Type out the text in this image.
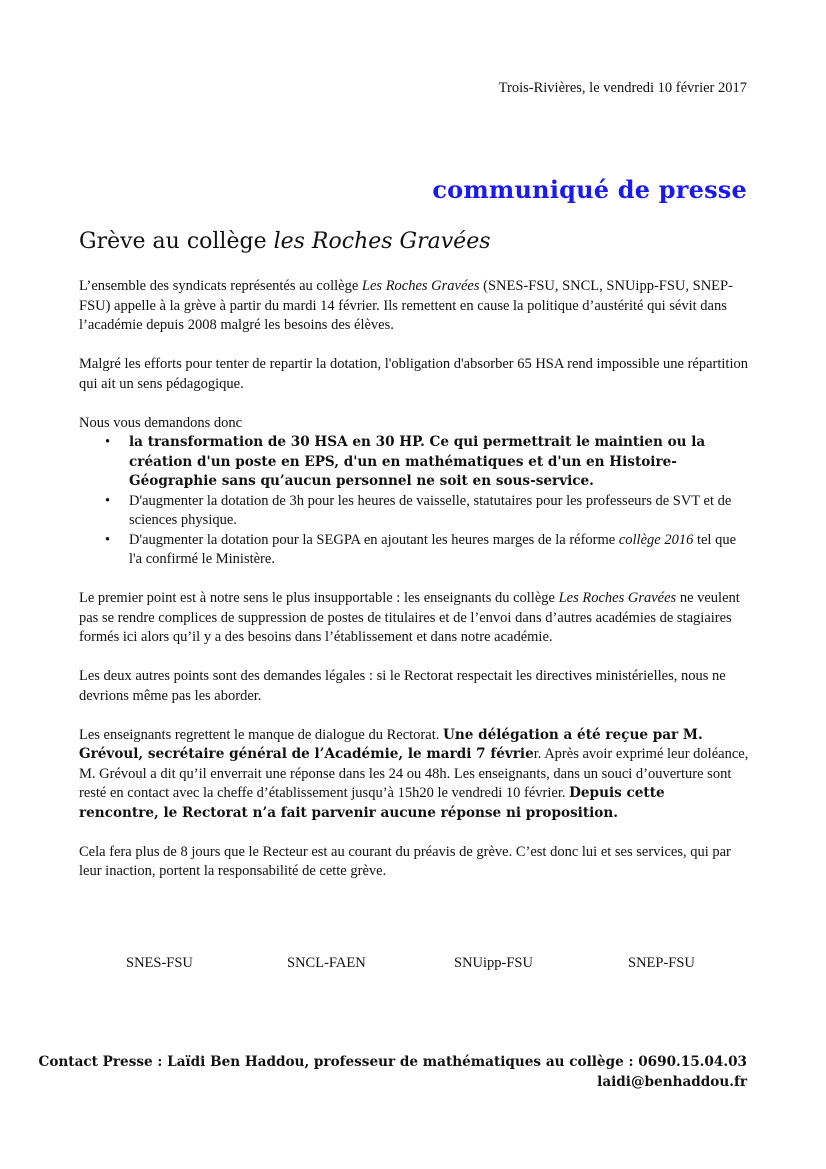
Trois-Rivières, le vendredi 10 février 2017
communiqué de presse
Grève au collège les Roches Gravées

L’ensemble des syndicats représentés au collège Les Roches Gravées (SNES-FSU, SNCL, SNUipp-FSU, SNEP-FSU) appelle à la grève à partir du mardi 14 février. Ils remettent en cause la politique d’austérité qui sévit dans l’académie depuis 2008 malgré les besoins des élèves.

Malgré les efforts pour tenter de repartir la dotation, l'obligation d'absorber 65 HSA rend impossible une répartition qui ait un sens pédagogique.

Nous vous demandons donc
• la transformation de 30 HSA en 30 HP. Ce qui permettrait le maintien ou la création d'un poste en EPS, d'un en mathématiques et d'un en Histoire-Géographie sans qu’aucun personnel ne soit en sous-service.
• D'augmenter la dotation de 3h pour les heures de vaisselle, statutaires pour les professeurs de SVT et de sciences physique.
• D'augmenter la dotation pour la SEGPA en ajoutant les heures marges de la réforme collège 2016 tel que l'a confirmé le Ministère.

Le premier point est à notre sens le plus insupportable : les enseignants du collège Les Roches Gravées ne veulent pas se rendre complices de suppression de postes de titulaires et de l’envoi dans d’autres académies de stagiaires formés ici alors qu’il y a des besoins dans l’établissement et dans notre académie.

Les deux autres points sont des demandes légales : si le Rectorat respectait les directives ministérielles, nous ne devrions même pas les aborder.

Les enseignants regrettent le manque de dialogue du Rectorat. Une délégation a été reçue par M. Grévoul, secrétaire général de l’Académie, le mardi 7 février. Après avoir exprimé leur doléance, M. Grévoul a dit qu’il enverrait une réponse dans les 24 ou 48h. Les enseignants, dans un souci d’ouverture sont resté en contact avec la cheffe d’établissement jusqu’à 15h20 le vendredi 10 février. Depuis cette rencontre, le Rectorat n’a fait parvenir aucune réponse ni proposition.

Cela fera plus de 8 jours que le Recteur est au courant du préavis de grève. C’est donc lui et ses services, qui par leur inaction, portent la responsabilité de cette grève.

SNES-FSU	SNCL-FAEN	SNUipp-FSU	SNEP-FSU
Contact Presse : Laïdi Ben Haddou, professeur de mathématiques au collège : 0690.15.04.03
laidi@benhaddou.fr
